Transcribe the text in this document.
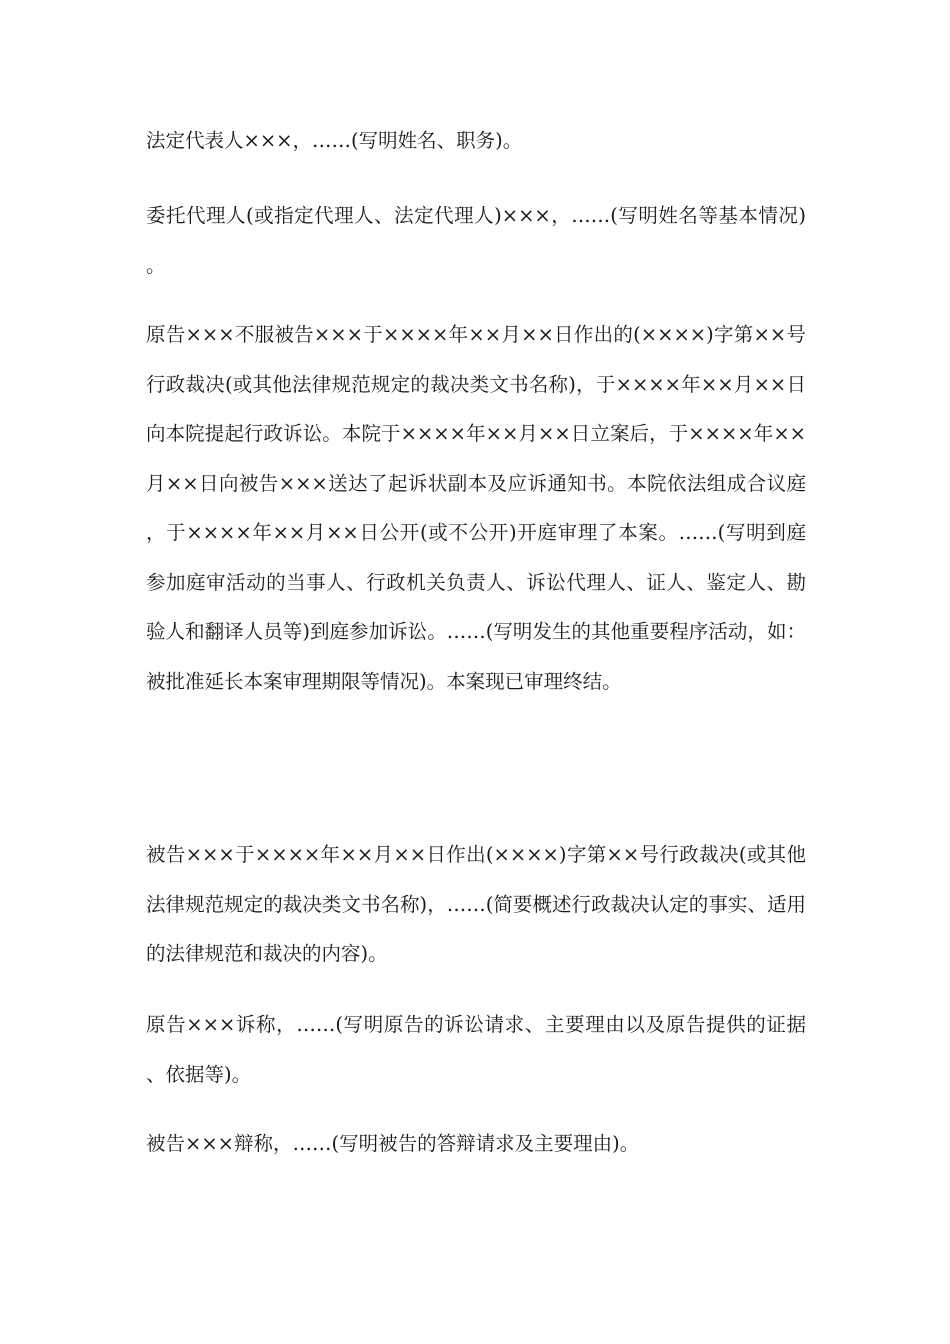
法定代表人×××，……(写明姓名、职务)。

委托代理人(或指定代理人、法定代理人)×××，……(写明姓名等基本情况)。

原告×××不服被告×××于××××年××月××日作出的(××××)字第××号行政裁决(或其他法律规范规定的裁决类文书名称)，于××××年××月××日向本院提起行政诉讼。本院于××××年××月××日立案后，于××××年××月××日向被告×××送达了起诉状副本及应诉通知书。本院依法组成合议庭，于××××年××月××日公开(或不公开)开庭审理了本案。……(写明到庭参加庭审活动的当事人、行政机关负责人、诉讼代理人、证人、鉴定人、勘验人和翻译人员等)到庭参加诉讼。……(写明发生的其他重要程序活动，如：被批准延长本案审理期限等情况)。本案现已审理终结。

被告×××于××××年××月××日作出(××××)字第××号行政裁决(或其他法律规范规定的裁决类文书名称)，……(简要概述行政裁决认定的事实、适用的法律规范和裁决的内容)。

原告×××诉称，……(写明原告的诉讼请求、主要理由以及原告提供的证据、依据等)。

被告×××辩称，……(写明被告的答辩请求及主要理由)。
